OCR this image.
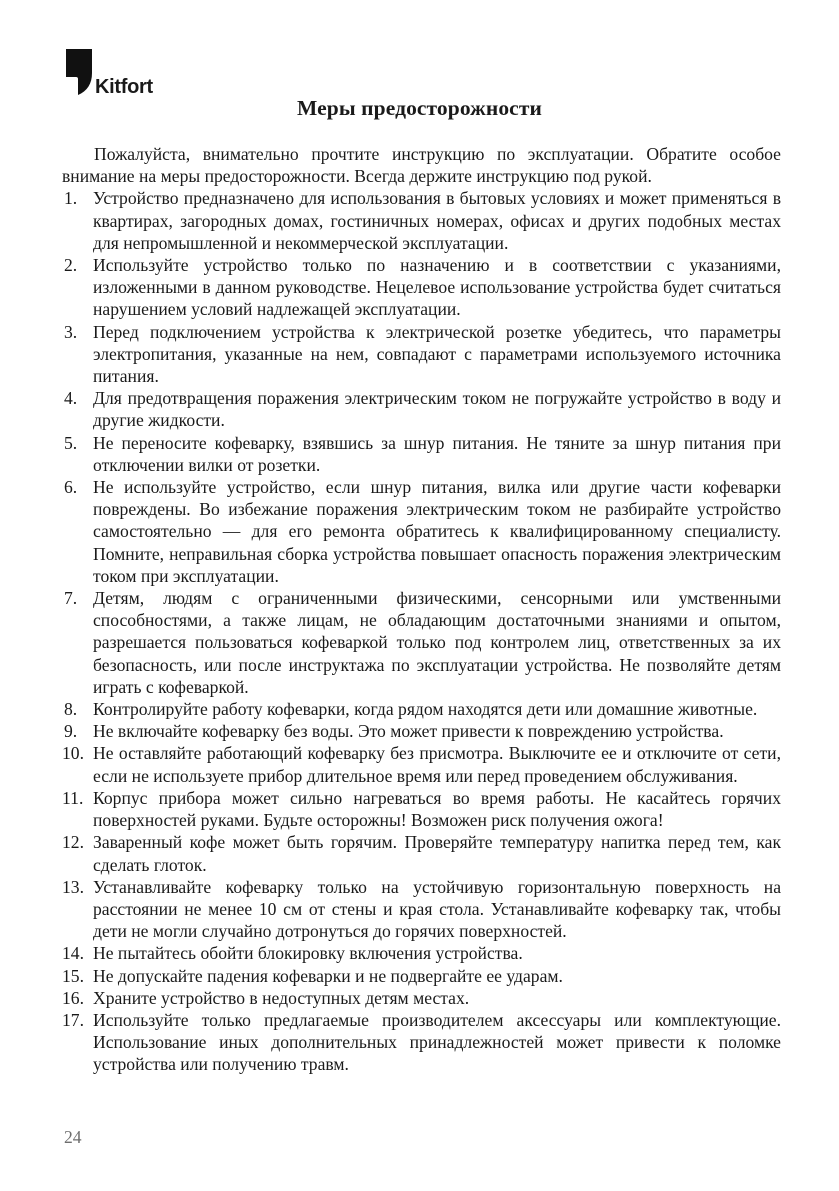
Kitfort
Меры предосторожности

Пожалуйста, внимательно прочтите инструкцию по эксплуатации. Обратите особое внимание на меры предосторожности. Всегда держите инструкцию под рукой.

1. Устройство предназначено для использования в бытовых условиях и может применяться в квартирах, загородных домах, гостиничных номерах, офисах и других подобных местах для непромышленной и некоммерческой эксплуатации.
2. Используйте устройство только по назначению и в соответствии с указаниями, изложенными в данном руководстве. Нецелевое использование устройства будет считаться нарушением условий надлежащей эксплуатации.
3. Перед подключением устройства к электрической розетке убедитесь, что параметры электропитания, указанные на нем, совпадают с параметрами используемого источника питания.
4. Для предотвращения поражения электрическим током не погружайте устройство в воду и другие жидкости.
5. Не переносите кофеварку, взявшись за шнур питания. Не тяните за шнур питания при отключении вилки от розетки.
6. Не используйте устройство, если шнур питания, вилка или другие части кофеварки повреждены. Во избежание поражения электрическим током не разбирайте устройство самостоятельно — для его ремонта обратитесь к квалифицированному специалисту. Помните, неправильная сборка устройства повышает опасность поражения электрическим током при эксплуатации.
7. Детям, людям с ограниченными физическими, сенсорными или умственными способностями, а также лицам, не обладающим достаточными знаниями и опытом, разрешается пользоваться кофеваркой только под контролем лиц, ответственных за их безопасность, или после инструктажа по эксплуатации устройства. Не позволяйте детям играть с кофеваркой.
8. Контролируйте работу кофеварки, когда рядом находятся дети или домашние животные.
9. Не включайте кофеварку без воды. Это может привести к повреждению устройства.
10. Не оставляйте работающий кофеварку без присмотра. Выключите ее и отключите от сети, если не используете прибор длительное время или перед проведением обслуживания.
11. Корпус прибора может сильно нагреваться во время работы. Не касайтесь горячих поверхностей руками. Будьте осторожны! Возможен риск получения ожога!
12. Заваренный кофе может быть горячим. Проверяйте температуру напитка перед тем, как сделать глоток.
13. Устанавливайте кофеварку только на устойчивую горизонтальную поверхность на расстоянии не менее 10 см от стены и края стола. Устанавливайте кофеварку так, чтобы дети не могли случайно дотронуться до горячих поверхностей.
14. Не пытайтесь обойти блокировку включения устройства.
15. Не допускайте падения кофеварки и не подвергайте ее ударам.
16. Храните устройство в недоступных детям местах.
17. Используйте только предлагаемые производителем аксессуары или комплектующие. Использование иных дополнительных принадлежностей может привести к поломке устройства или получению травм.
24
